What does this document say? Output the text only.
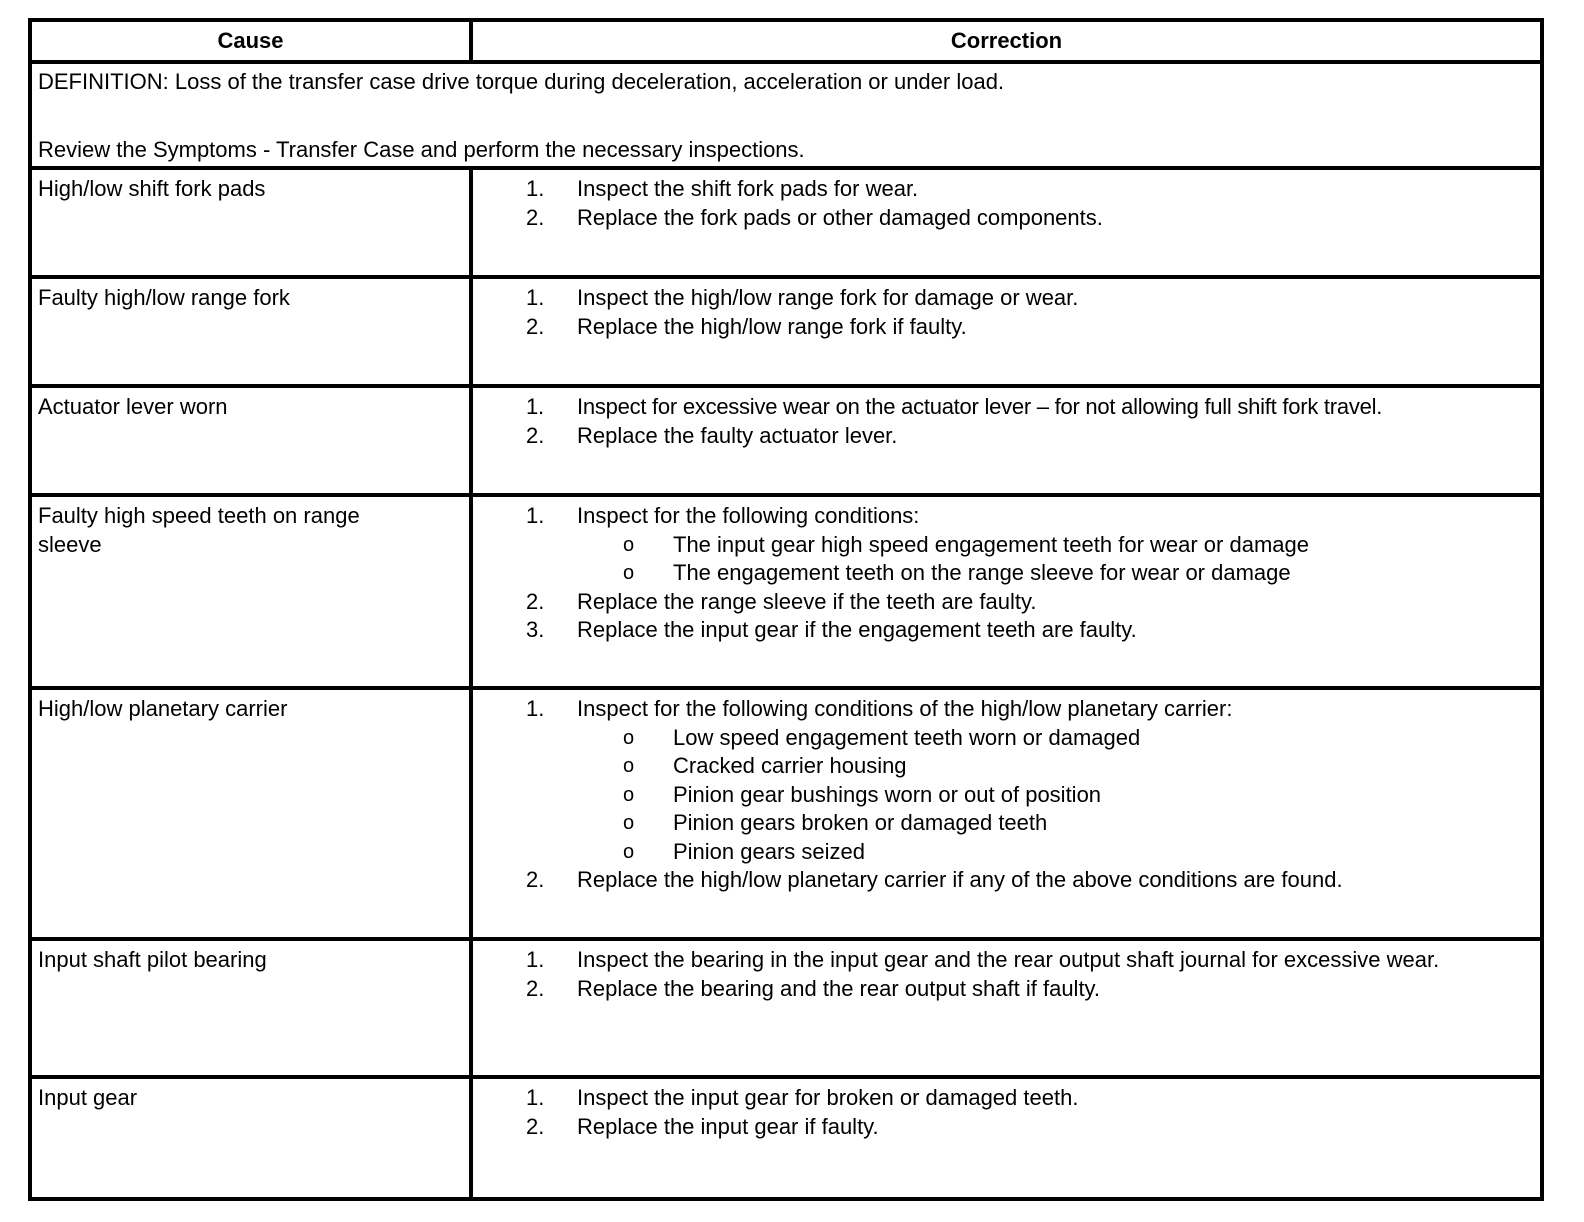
Cause	Correction

DEFINITION: Loss of the transfer case drive torque during deceleration, acceleration or under load.
Review the Symptoms - Transfer Case and perform the necessary inspections.	

High/low shift fork pads	1. Inspect the shift fork pads for wear.
2. Replace the fork pads or other damaged components.

Faulty high/low range fork	1. Inspect the high/low range fork for damage or wear.
2. Replace the high/low range fork if faulty.

Actuator lever worn	1. Inspect for excessive wear on the actuator lever – for not allowing full shift fork travel.
2. Replace the faulty actuator lever.

Faulty high speed teeth on range sleeve

1. Inspect for the following conditions:
o	The input gear high speed engagement teeth for wear or damage
o	The engagement teeth on the range sleeve for wear or damage
2. Replace the range sleeve if the teeth are faulty.
3. Replace the input gear if the engagement teeth are faulty.

High/low planetary carrier	1. Inspect for the following conditions of the high/low planetary carrier:
o	Low speed engagement teeth worn or damaged
o	Cracked carrier housing
o	Pinion gear bushings worn or out of position
o	Pinion gears broken or damaged teeth
o	Pinion gears seized
2. Replace the high/low planetary carrier if any of the above conditions are found.

Input shaft pilot bearing	1. Inspect the bearing in the input gear and the rear output shaft journal for excessive wear.
2. Replace the bearing and the rear output shaft if faulty.

Input gear	1. Inspect the input gear for broken or damaged teeth.
2. Replace the input gear if faulty.
